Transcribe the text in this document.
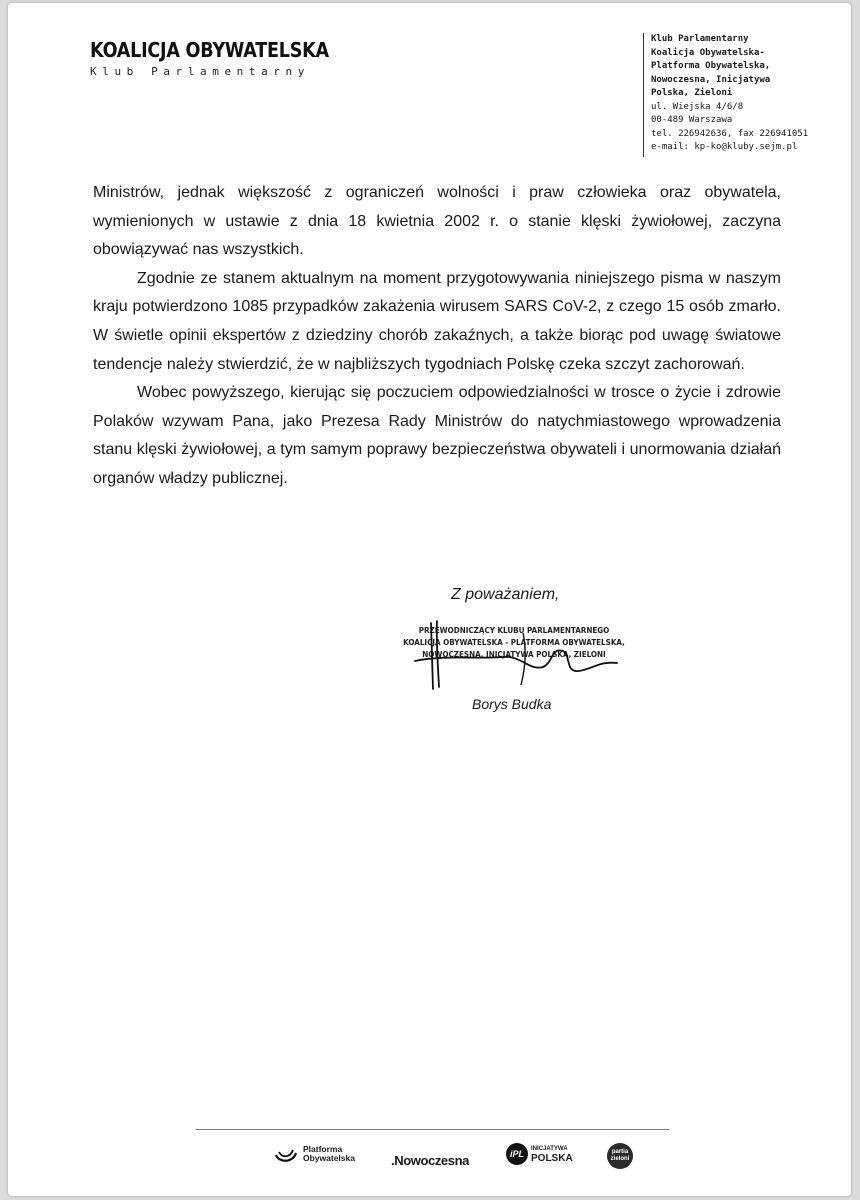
KOALICJA OBYWATELSKA
Klub Parlamentarny
Klub Parlamentarny
Koalicja Obywatelska-
Platforma Obywatelska,
Nowoczesna, Inicjatywa
Polska, Zieloni
ul. Wiejska 4/6/8
00-489 Warszawa
tel. 226942636, fax 226941051
e-mail: kp-ko@kluby.sejm.pl

Ministrów, jednak większość z ograniczeń wolności i praw człowieka oraz obywatela, wymienionych w ustawie z dnia 18 kwietnia 2002 r. o stanie klęski żywiołowej, zaczyna obowiązywać nas wszystkich.

Zgodnie ze stanem aktualnym na moment przygotowywania niniejszego pisma w naszym kraju potwierdzono 1085 przypadków zakażenia wirusem SARS CoV-2, z czego 15 osób zmarło. W świetle opinii ekspertów z dziedziny chorób zakaźnych, a także biorąc pod uwagę światowe tendencje należy stwierdzić, że w najbliższych tygodniach Polskę czeka szczyt zachorowań.

Wobec powyższego, kierując się poczuciem odpowiedzialności w trosce o życie i zdrowie Polaków wzywam Pana, jako Prezesa Rady Ministrów do natychmiastowego wprowadzenia stanu klęski żywiołowej, a tym samym poprawy bezpieczeństwa obywateli i unormowania działań organów władzy publicznej.

Z poważaniem,
PRZEWODNICZĄCY KLUBU PARLAMENTARNEGO
KOALICJA OBYWATELSKA - PLATFORMA OBYWATELSKA,
NOWOCZESNA, INICJATYWA POLSKA, ZIELONI
Borys Budka
Platforma
Obywatelska	.Nowoczesna	iPL	INICJATYWA
POLSKA
partia
zieloni
